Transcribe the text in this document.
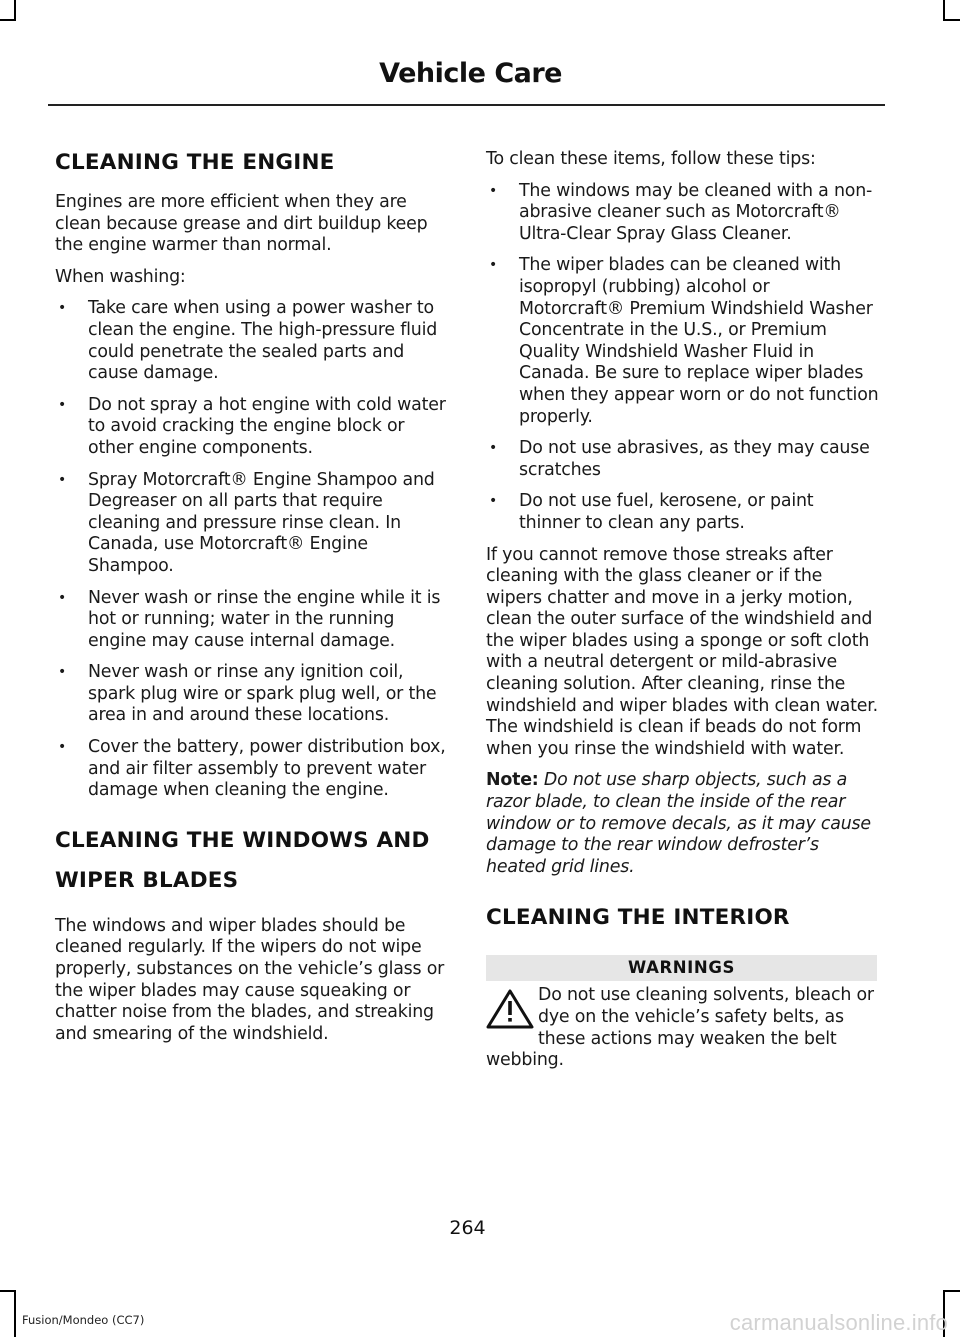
Vehicle Care
CLEANING THE ENGINE

Engines are more efficient when they are clean because grease and dirt buildup keep the engine warmer than normal.

When washing:

• Take care when using a power washer to clean the engine. The high-pressure fluid could penetrate the sealed parts and cause damage.
• Do not spray a hot engine with cold water to avoid cracking the engine block or other engine components.
• Spray Motorcraft® Engine Shampoo and Degreaser on all parts that require cleaning and pressure rinse clean. In Canada, use Motorcraft® Engine Shampoo.
• Never wash or rinse the engine while it is hot or running; water in the running engine may cause internal damage.
• Never wash or rinse any ignition coil, spark plug wire or spark plug well, or the area in and around these locations.
• Cover the battery, power distribution box, and air filter assembly to prevent water damage when cleaning the engine.
CLEANING THE WINDOWS AND
WIPER BLADES

The windows and wiper blades should be cleaned regularly. If the wipers do not wipe properly, substances on the vehicle’s glass or the wiper blades may cause squeaking or chatter noise from the blades, and streaking and smearing of the windshield.

To clean these items, follow these tips:

• The windows may be cleaned with a non-abrasive cleaner such as Motorcraft® Ultra-Clear Spray Glass Cleaner.
• The wiper blades can be cleaned with isopropyl (rubbing) alcohol or Motorcraft® Premium Windshield Washer Concentrate in the U.S., or Premium Quality Windshield Washer Fluid in Canada. Be sure to replace wiper blades when they appear worn or do not function properly.
• Do not use abrasives, as they may cause scratches
• Do not use fuel, kerosene, or paint thinner to clean any parts.

If you cannot remove those streaks after cleaning with the glass cleaner or if the wipers chatter and move in a jerky motion, clean the outer surface of the windshield and the wiper blades using a sponge or soft cloth with a neutral detergent or mild-abrasive cleaning solution. After cleaning, rinse the windshield and wiper blades with clean water. The windshield is clean if beads do not form when you rinse the windshield with water.

Note: Do not use sharp objects, such as a razor blade, to clean the inside of the rear window or to remove decals, as it may cause damage to the rear window defroster’s heated grid lines.

CLEANING THE INTERIOR
WARNINGS
Do not use cleaning solvents, bleach or dye on the vehicle’s safety belts, as these actions may weaken the belt webbing.
264
Fusion/Mondeo (CC7)	carmanualsonline.info
